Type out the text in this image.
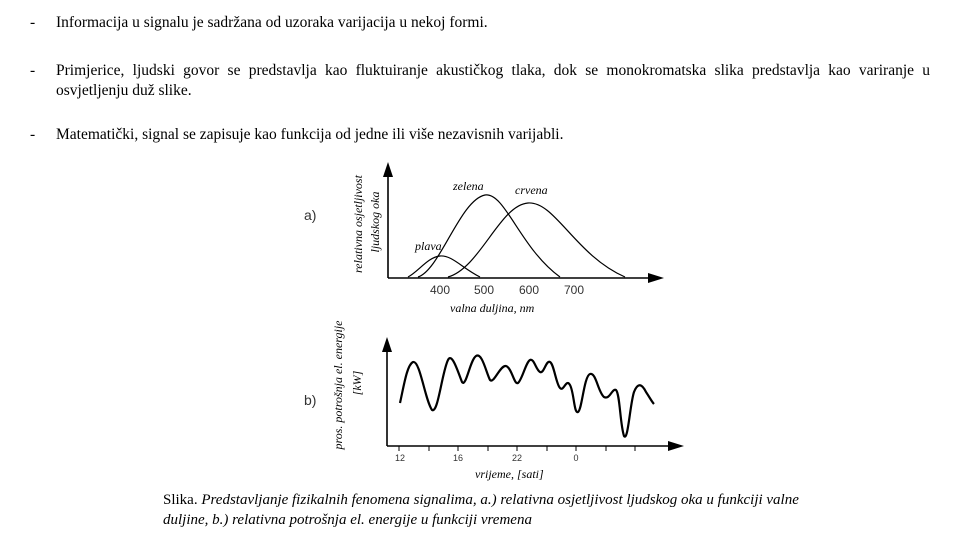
- Informacija u signalu je sadržana od uzoraka varijacija u nekoj formi.
- Primjerice, ljudski govor se predstavlja kao fluktuiranje akustičkog tlaka, dok se monokromatska slika predstavlja kao variranje u osvjetljenju duž slike.
- Matematički, signal se zapisuje kao funkcija od jedne ili više nezavisnih varijabli.
a)
b)
plava
zelena	crvena
400 500 600 700
valna duljina, nm
relativna osjetljivost ljudskog oka
12	16	22	0
vrijeme, [sati]
pros. potrošnja el. energije [kW]
Slika. Predstavljanje fizikalnih fenomena signalima, a.) relativna osjetljivost ljudskog oka u funkciji valne duljine, b.) relativna potrošnja el. energije u funkciji vremena
